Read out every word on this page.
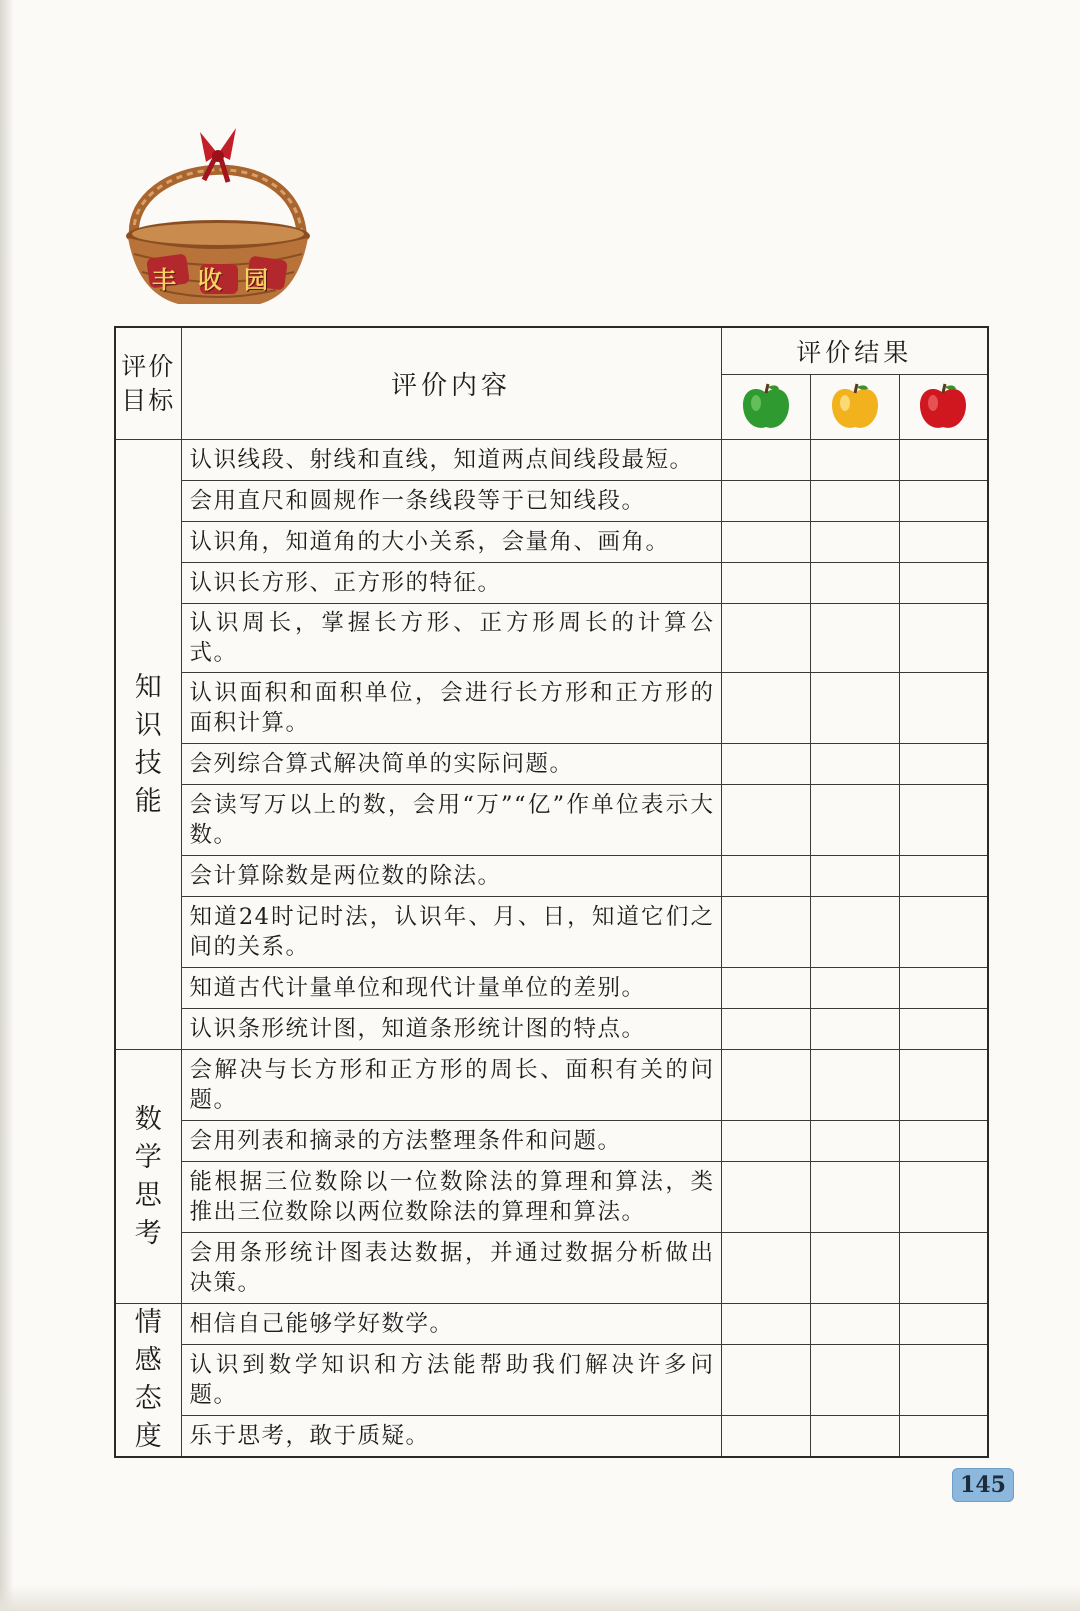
丰收园
评价目标	评价内容	评价结果		

知识技能	认识线段、射线和直线，知道两点间线段最短。			
	会用直尺和圆规作一条线段等于已知线段。			
	认识角，知道角的大小关系，会量角、画角。			
	认识长方形、正方形的特征。			
	认识周长，掌握长方形、正方形周长的计算公式。			
	认识面积和面积单位，会进行长方形和正方形的面积计算。			
	会列综合算式解决简单的实际问题。			
	会读写万以上的数，会用“万”“亿”作单位表示大数。			
	会计算除数是两位数的除法。			
	知道24时记时法，认识年、月、日，知道它们之间的关系。			
	知道古代计量单位和现代计量单位的差别。			
	认识条形统计图，知道条形统计图的特点。			

数学思考	会解决与长方形和正方形的周长、面积有关的问题。			
	会用列表和摘录的方法整理条件和问题。			
	能根据三位数除以一位数除法的算理和算法，类推出三位数除以两位数除法的算理和算法。			
	会用条形统计图表达数据，并通过数据分析做出决策。			

情感态度	相信自己能够学好数学。			
	认识到数学知识和方法能帮助我们解决许多问题。			
	乐于思考，敢于质疑。			
145
